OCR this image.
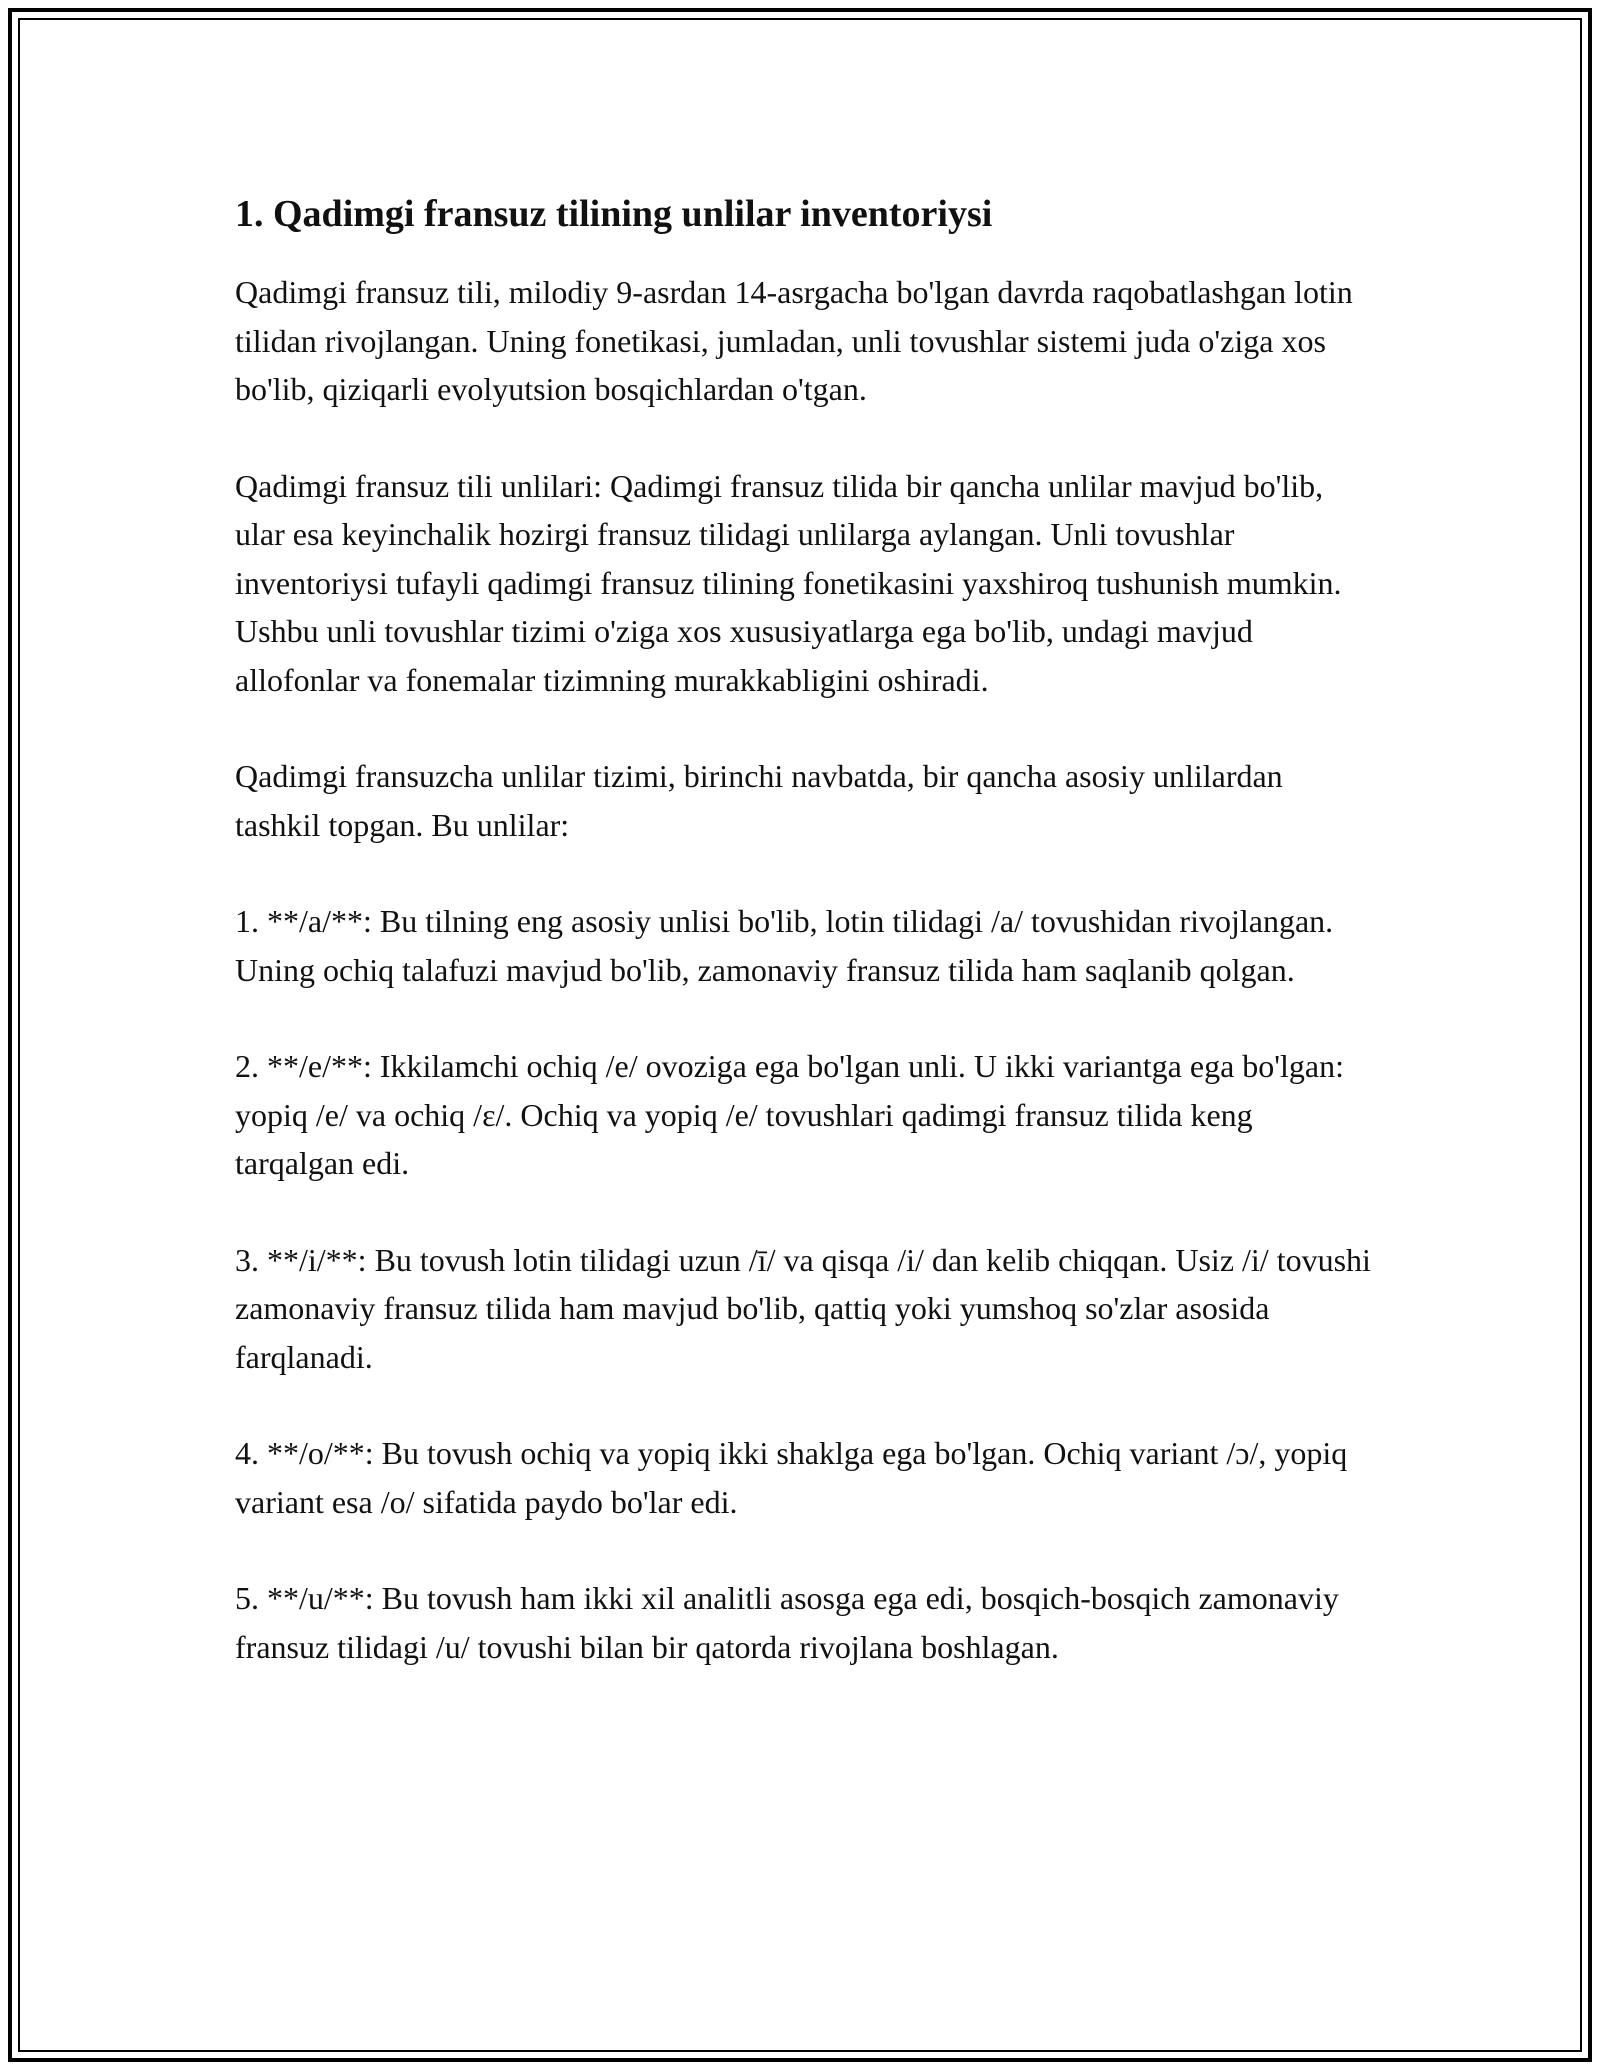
1. Qadimgi fransuz tilining unlilar inventoriysi

Qadimgi fransuz tili, milodiy 9-asrdan 14-asrgacha bo'lgan davrda raqobatlashgan lotin tilidan rivojlangan. Uning fonetikasi, jumladan, unli tovushlar sistemi juda o'ziga xos bo'lib, qiziqarli evolyutsion bosqichlardan o'tgan.

Qadimgi fransuz tili unlilari: Qadimgi fransuz tilida bir qancha unlilar mavjud bo'lib, ular esa keyinchalik hozirgi fransuz tilidagi unlilarga aylangan. Unli tovushlar inventoriysi tufayli qadimgi fransuz tilining fonetikasini yaxshiroq tushunish mumkin. Ushbu unli tovushlar tizimi o'ziga xos xususiyatlarga ega bo'lib, undagi mavjud allofonlar va fonemalar tizimning murakkabligini oshiradi.

Qadimgi fransuzcha unlilar tizimi, birinchi navbatda, bir qancha asosiy unlilardan tashkil topgan. Bu unlilar:

1. **/a/**: Bu tilning eng asosiy unlisi bo'lib, lotin tilidagi /a/ tovushidan rivojlangan. Uning ochiq talafuzi mavjud bo'lib, zamonaviy fransuz tilida ham saqlanib qolgan.

2. **/e/**: Ikkilamchi ochiq /e/ ovoziga ega bo'lgan unli. U ikki variantga ega bo'lgan: yopiq /e/ va ochiq /ɛ/. Ochiq va yopiq /e/ tovushlari qadimgi fransuz tilida keng tarqalgan edi.

3. **/i/**: Bu tovush lotin tilidagi uzun /ī/ va qisqa /i/ dan kelib chiqqan. Usiz /i/ tovushi zamonaviy fransuz tilida ham mavjud bo'lib, qattiq yoki yumshoq so'zlar asosida farqlanadi.

4. **/o/**: Bu tovush ochiq va yopiq ikki shaklga ega bo'lgan. Ochiq variant /ɔ/, yopiq variant esa /o/ sifatida paydo bo'lar edi.

5. **/u/**: Bu tovush ham ikki xil analitli asosga ega edi, bosqich-bosqich zamonaviy fransuz tilidagi /u/ tovushi bilan bir qatorda rivojlana boshlagan.
